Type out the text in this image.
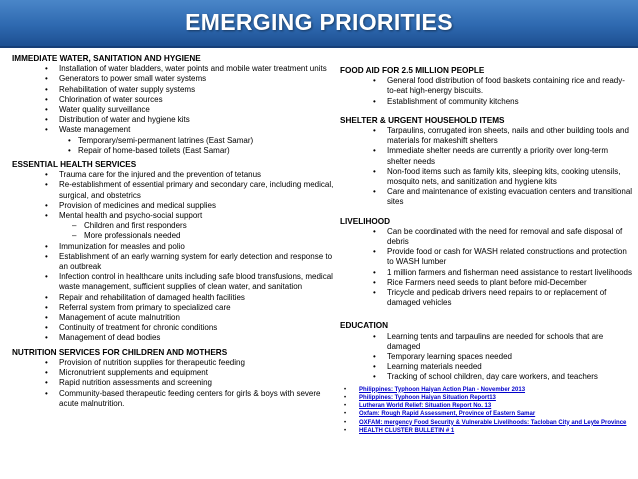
EMERGING PRIORITIES

IMMEDIATE WATER, SANITATION AND HYGIENE

• Installation of water bladders, water points and mobile water treatment units
• Generators to power small water systems
• Rehabilitation of water supply systems
• Chlorination of water sources
• Water quality surveillance
• Distribution of water and hygiene kits
• Waste management
• Temporary/semi-permanent latrines (East Samar)
• Repair of home-based toilets (East Samar)

ESSENTIAL HEALTH SERVICES

• Trauma care for the injured and the prevention of tetanus
• Re-establishment of essential primary and secondary care, including medical, surgical, and obstetrics
• Provision of medicines and medical supplies
• Mental health and psycho-social support
– Children and first responders
– More professionals needed
• Immunization for measles and polio
• Establishment of an early warning system for early detection and response to an outbreak
• Infection control in healthcare units including safe blood transfusions, medical waste management, sufficient supplies of clean water, and sanitation
• Repair and rehabilitation of damaged health facilities
• Referral system from primary to specialized care
• Management of acute malnutrition
• Continuity of treatment for chronic conditions
• Management of dead bodies

NUTRITION SERVICES FOR CHILDREN AND MOTHERS

• Provision of nutrition supplies for therapeutic feeding
• Micronutrient supplements and equipment
• Rapid nutrition assessments and screening
• Community-based therapeutic feeding centers for girls & boys with severe acute malnutrition.

FOOD AID FOR 2.5 MILLION PEOPLE

• General food distribution of food baskets containing rice and ready-to-eat high-energy biscuits.
• Establishment of community kitchens

SHELTER & URGENT HOUSEHOLD ITEMS

• Tarpaulins, corrugated iron sheets, nails and other building tools and materials for makeshift shelters
• Immediate shelter needs are currently a priority over long-term shelter needs
• Non-food items such as family kits, sleeping kits, cooking utensils, mosquito nets, and sanitization and hygiene kits
• Care and maintenance of existing evacuation centers and transitional sites

LIVELIHOOD

• Can be coordinated with the need for removal and safe disposal of debris
• Provide food or cash for WASH related constructions and protection to WASH lumber
• 1 million farmers and fisherman need assistance to restart livelihoods
• Rice Farmers need seeds to plant before mid-December
• Tricycle and pedicab drivers need repairs to or replacement of damaged vehicles

EDUCATION

• Learning tents and tarpaulins are needed for schools that are damaged
• Temporary learning spaces needed
• Learning materials needed
• Tracking of school children, day care workers, and teachers
• Philippines: Typhoon Haiyan Action Plan - November 2013
• Philippines: Typhoon Haiyan Situation Report13
• Lutheran World Relief: Situation Report No. 13
• Oxfam: Rough Rapid Assessment, Province of Eastern Samar
• OXFAM: mergency Food Security & Vulnerable Livelihoods: Tacloban City and Leyte Province
• HEALTH CLUSTER BULLETIN # 1
